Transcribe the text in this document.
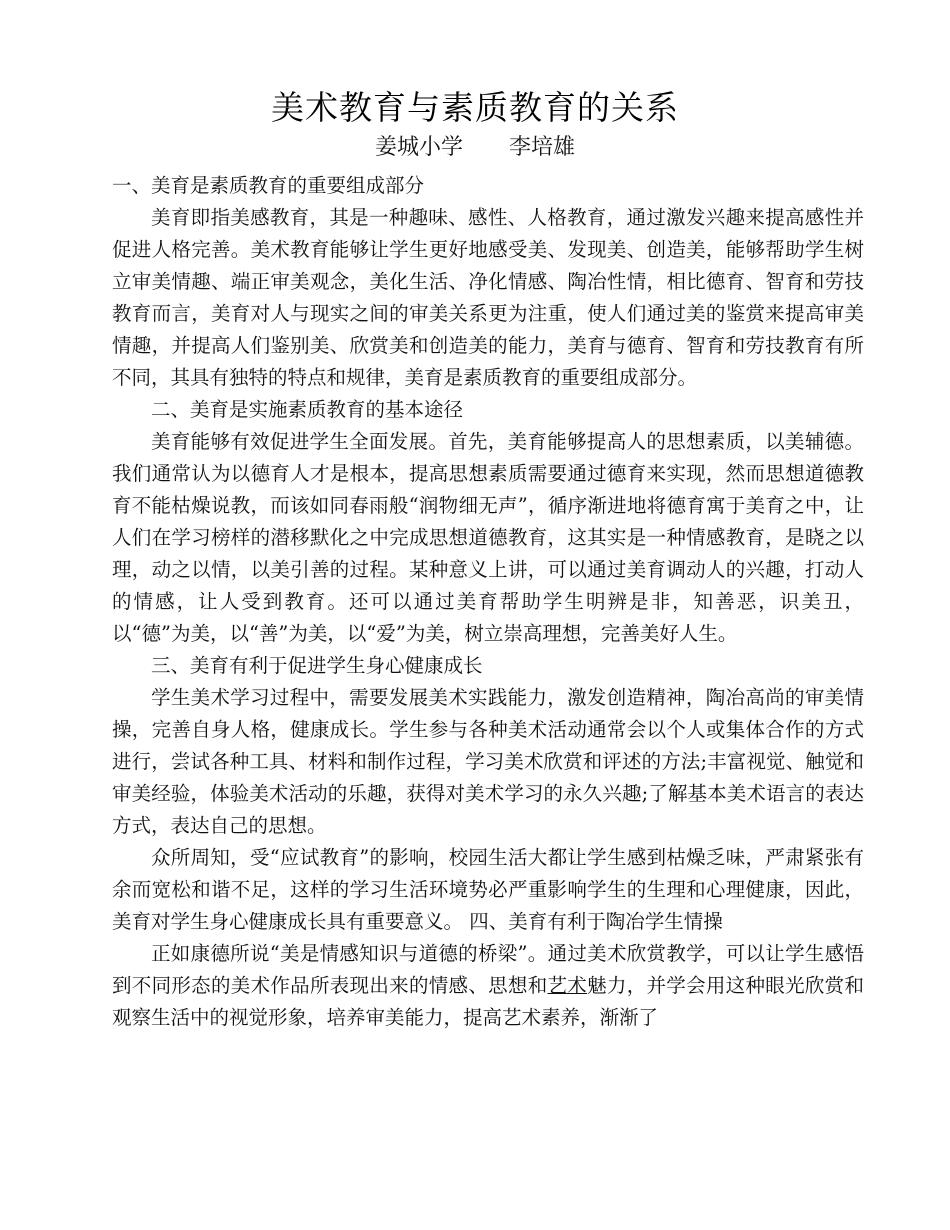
美术教育与素质教育的关系
姜城小学 李培雄

一、美育是素质教育的重要组成部分

美育即指美感教育，其是一种趣味、感性、人格教育，通过激发兴趣来提高感性并促进人格完善。美术教育能够让学生更好地感受美、发现美、创造美，能够帮助学生树立审美情趣、端正审美观念，美化生活、净化情感、陶冶性情，相比德育、智育和劳技教育而言，美育对人与现实之间的审美关系更为注重，使人们通过美的鉴赏来提高审美情趣，并提高人们鉴别美、欣赏美和创造美的能力，美育与德育、智育和劳技教育有所不同，其具有独特的特点和规律，美育是素质教育的重要组成部分。

二、美育是实施素质教育的基本途径

美育能够有效促进学生全面发展。首先，美育能够提高人的思想素质，以美辅德。我们通常认为以德育人才是根本，提高思想素质需要通过德育来实现，然而思想道德教育不能枯燥说教，而该如同春雨般“润物细无声”，循序渐进地将德育寓于美育之中，让人们在学习榜样的潜移默化之中完成思想道德教育，这其实是一种情感教育，是晓之以理，动之以情，以美引善的过程。某种意义上讲，可以通过美育调动人的兴趣，打动人的情感，让人受到教育。还可以通过美育帮助学生明辨是非，知善恶，识美丑，以“德”为美，以“善”为美，以“爱”为美，树立崇高理想，完善美好人生。

三、美育有利于促进学生身心健康成长

学生美术学习过程中，需要发展美术实践能力，激发创造精神，陶冶高尚的审美情操，完善自身人格，健康成长。学生参与各种美术活动通常会以个人或集体合作的方式进行，尝试各种工具、材料和制作过程，学习美术欣赏和评述的方法;丰富视觉、触觉和审美经验，体验美术活动的乐趣，获得对美术学习的永久兴趣;了解基本美术语言的表达方式，表达自己的思想。

众所周知，受“应试教育”的影响，校园生活大都让学生感到枯燥乏味，严肃紧张有余而宽松和谐不足，这样的学习生活环境势必严重影响学生的生理和心理健康，因此，美育对学生身心健康成长具有重要意义。 四、美育有利于陶冶学生情操

正如康德所说“美是情感知识与道德的桥梁”。通过美术欣赏教学，可以让学生感悟到不同形态的美术作品所表现出来的情感、思想和艺术魅力，并学会用这种眼光欣赏和观察生活中的视觉形象，培养审美能力，提高艺术素养，渐渐了
